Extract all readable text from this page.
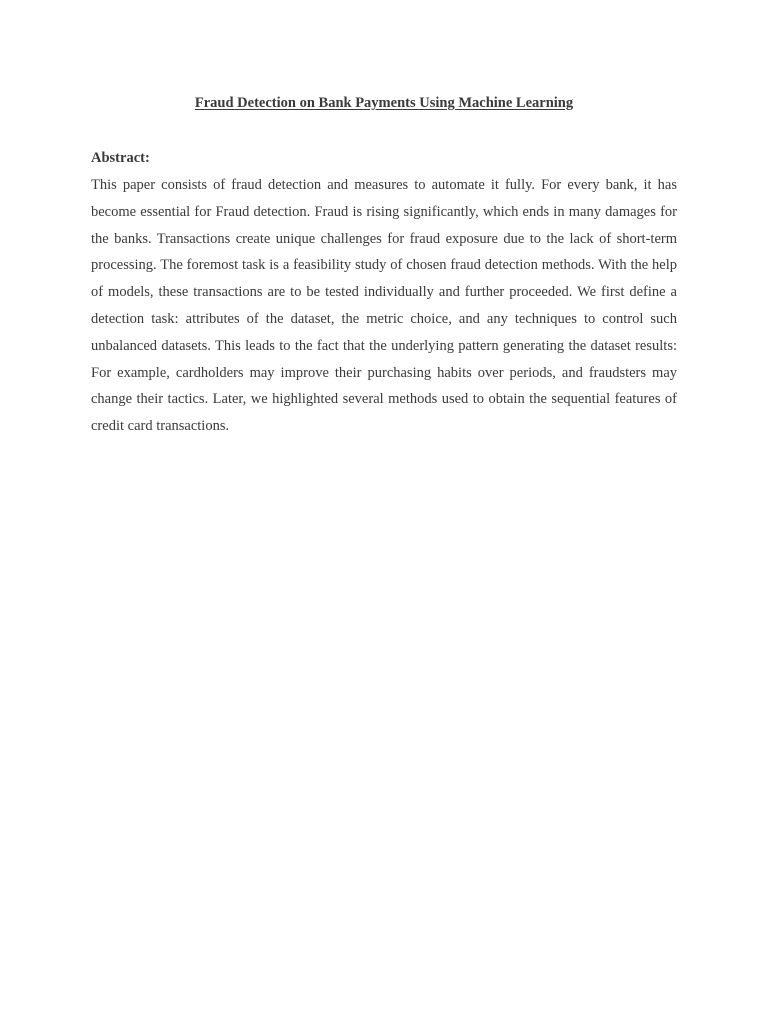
Fraud Detection on Bank Payments Using Machine Learning
Abstract:

This paper consists of fraud detection and measures to automate it fully. For every bank, it has become essential for Fraud detection. Fraud is rising significantly, which ends in many damages for the banks. Transactions create unique challenges for fraud exposure due to the lack of short-term processing. The foremost task is a feasibility study of chosen fraud detection methods. With the help of models, these transactions are to be tested individually and further proceeded. We first define a detection task: attributes of the dataset, the metric choice, and any techniques to control such unbalanced datasets. This leads to the fact that the underlying pattern generating the dataset results: For example, cardholders may improve their purchasing habits over periods, and fraudsters may change their tactics. Later, we highlighted several methods used to obtain the sequential features of credit card transactions.
